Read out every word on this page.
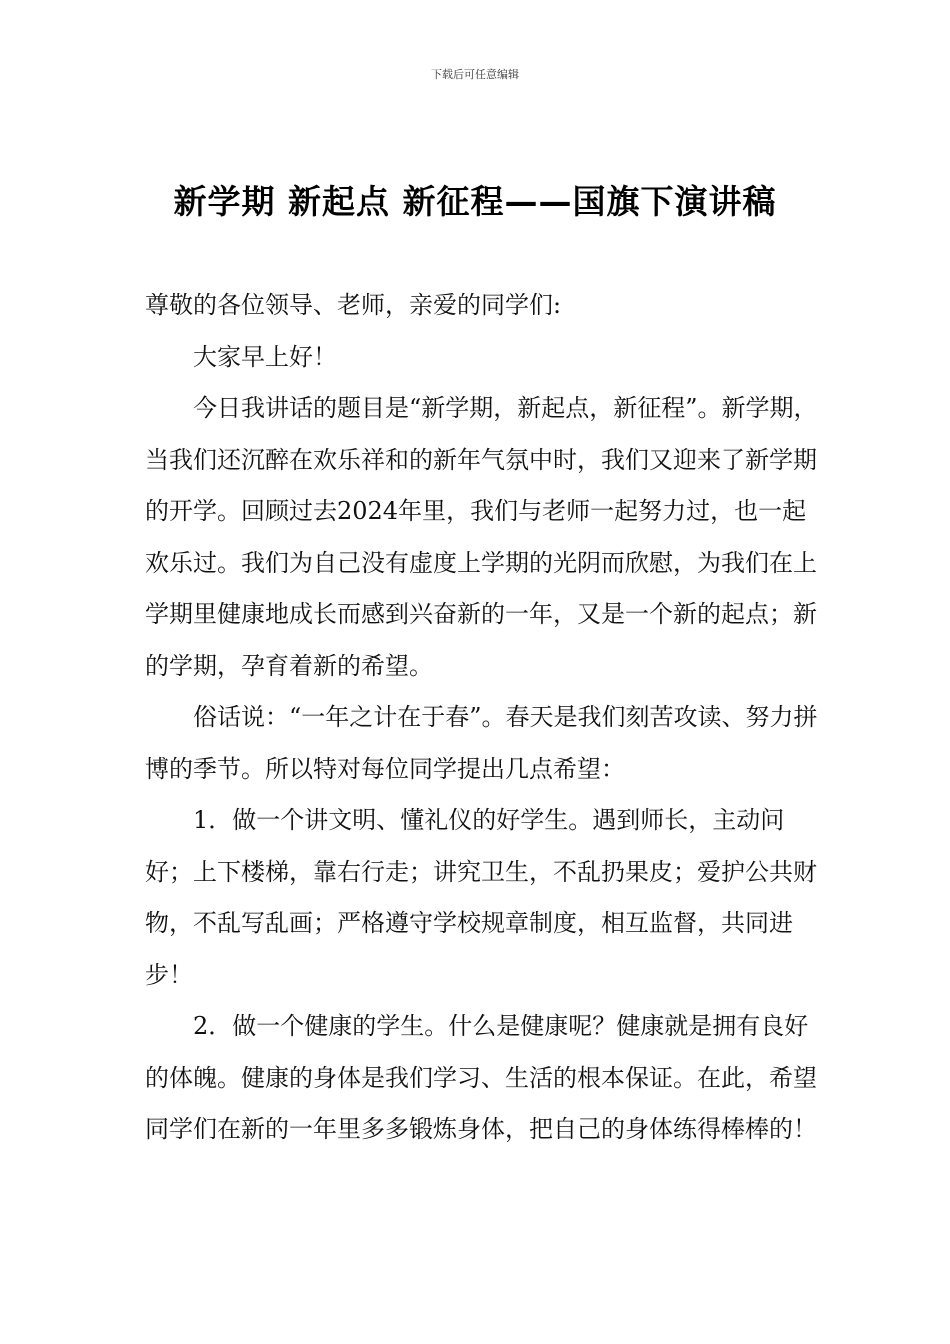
下载后可任意编辑
新学期 新起点 新征程——国旗下演讲稿

尊敬的各位领导、老师，亲爱的同学们:

大家早上好！

今日我讲话的题目是“新学期，新起点，新征程”。新学期，当我们还沉醉在欢乐祥和的新年气氛中时，我们又迎来了新学期的开学。回顾过去2024年里，我们与老师一起努力过，也一起欢乐过。我们为自己没有虚度上学期的光阴而欣慰，为我们在上学期里健康地成长而感到兴奋新的一年，又是一个新的起点；新的学期，孕育着新的希望。

俗话说：“一年之计在于春”。春天是我们刻苦攻读、努力拼博的季节。所以特对每位同学提出几点希望：

1．做一个讲文明、懂礼仪的好学生。遇到师长，主动问好；上下楼梯，靠右行走；讲究卫生，不乱扔果皮；爱护公共财物，不乱写乱画；严格遵守学校规章制度，相互监督，共同进步！

2．做一个健康的学生。什么是健康呢？健康就是拥有良好的体魄。健康的身体是我们学习、生活的根本保证。在此，希望同学们在新的一年里多多锻炼身体，把自己的身体练得棒棒的！
